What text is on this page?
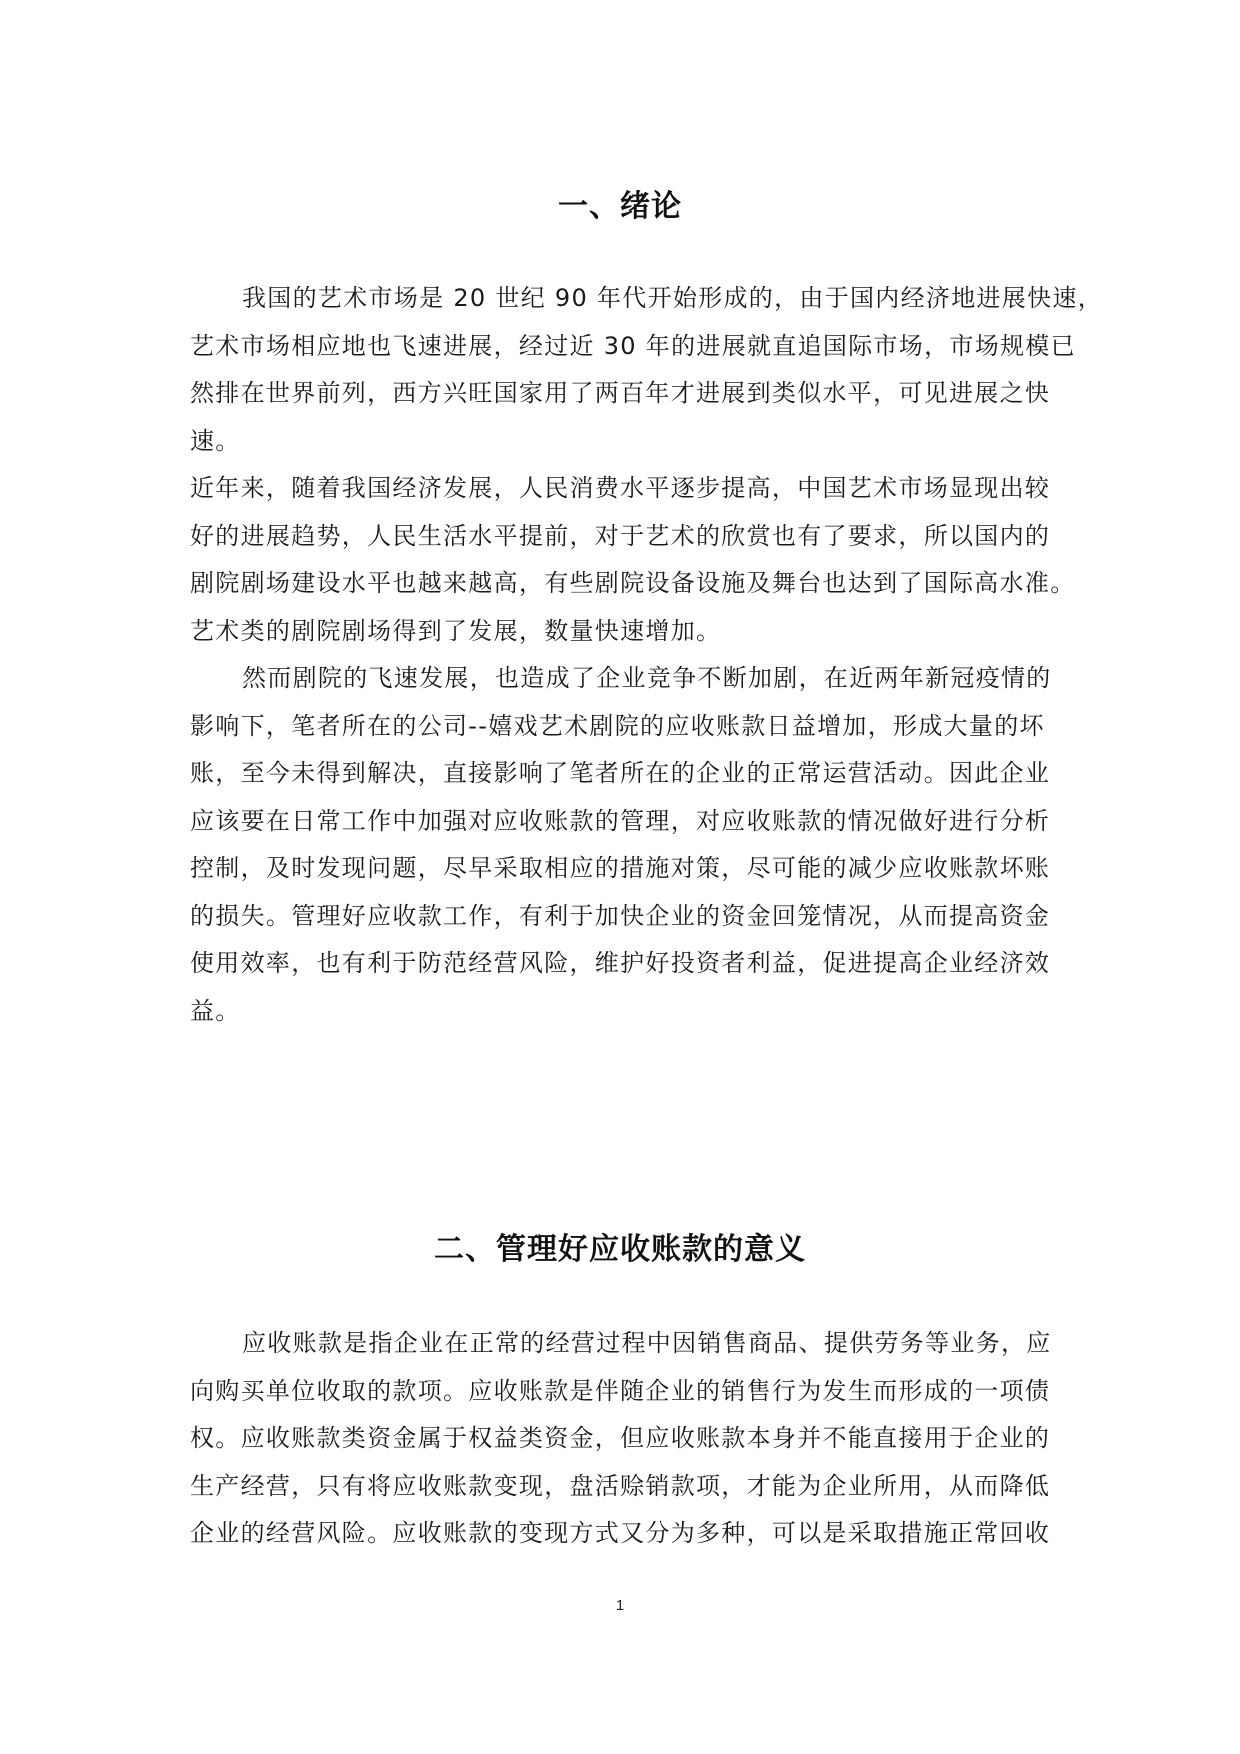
一、绪论
我国的艺术市场是 20 世纪 90 年代开始形成的，由于国内经济地进展快速，
艺术市场相应地也飞速进展，经过近 30 年的进展就直追国际市场，市场规模已
然排在世界前列，西方兴旺国家用了两百年才进展到类似水平，可见进展之快
速。
近年来，随着我国经济发展，人民消费水平逐步提高，中国艺术市场显现出较
好的进展趋势，人民生活水平提前，对于艺术的欣赏也有了要求，所以国内的
剧院剧场建设水平也越来越高，有些剧院设备设施及舞台也达到了国际高水准。
艺术类的剧院剧场得到了发展，数量快速增加。
然而剧院的飞速发展，也造成了企业竞争不断加剧，在近两年新冠疫情的
影响下，笔者所在的公司--嬉戏艺术剧院的应收账款日益增加，形成大量的坏
账，至今未得到解决，直接影响了笔者所在的企业的正常运营活动。因此企业
应该要在日常工作中加强对应收账款的管理，对应收账款的情况做好进行分析
控制，及时发现问题，尽早采取相应的措施对策，尽可能的减少应收账款坏账
的损失。管理好应收款工作，有利于加快企业的资金回笼情况，从而提高资金
使用效率，也有利于防范经营风险，维护好投资者利益，促进提高企业经济效
益。
二、管理好应收账款的意义
应收账款是指企业在正常的经营过程中因销售商品、提供劳务等业务，应
向购买单位收取的款项。应收账款是伴随企业的销售行为发生而形成的一项债
权。应收账款类资金属于权益类资金，但应收账款本身并不能直接用于企业的
生产经营，只有将应收账款变现，盘活赊销款项，才能为企业所用，从而降低
企业的经营风险。应收账款的变现方式又分为多种，可以是采取措施正常回收
1
